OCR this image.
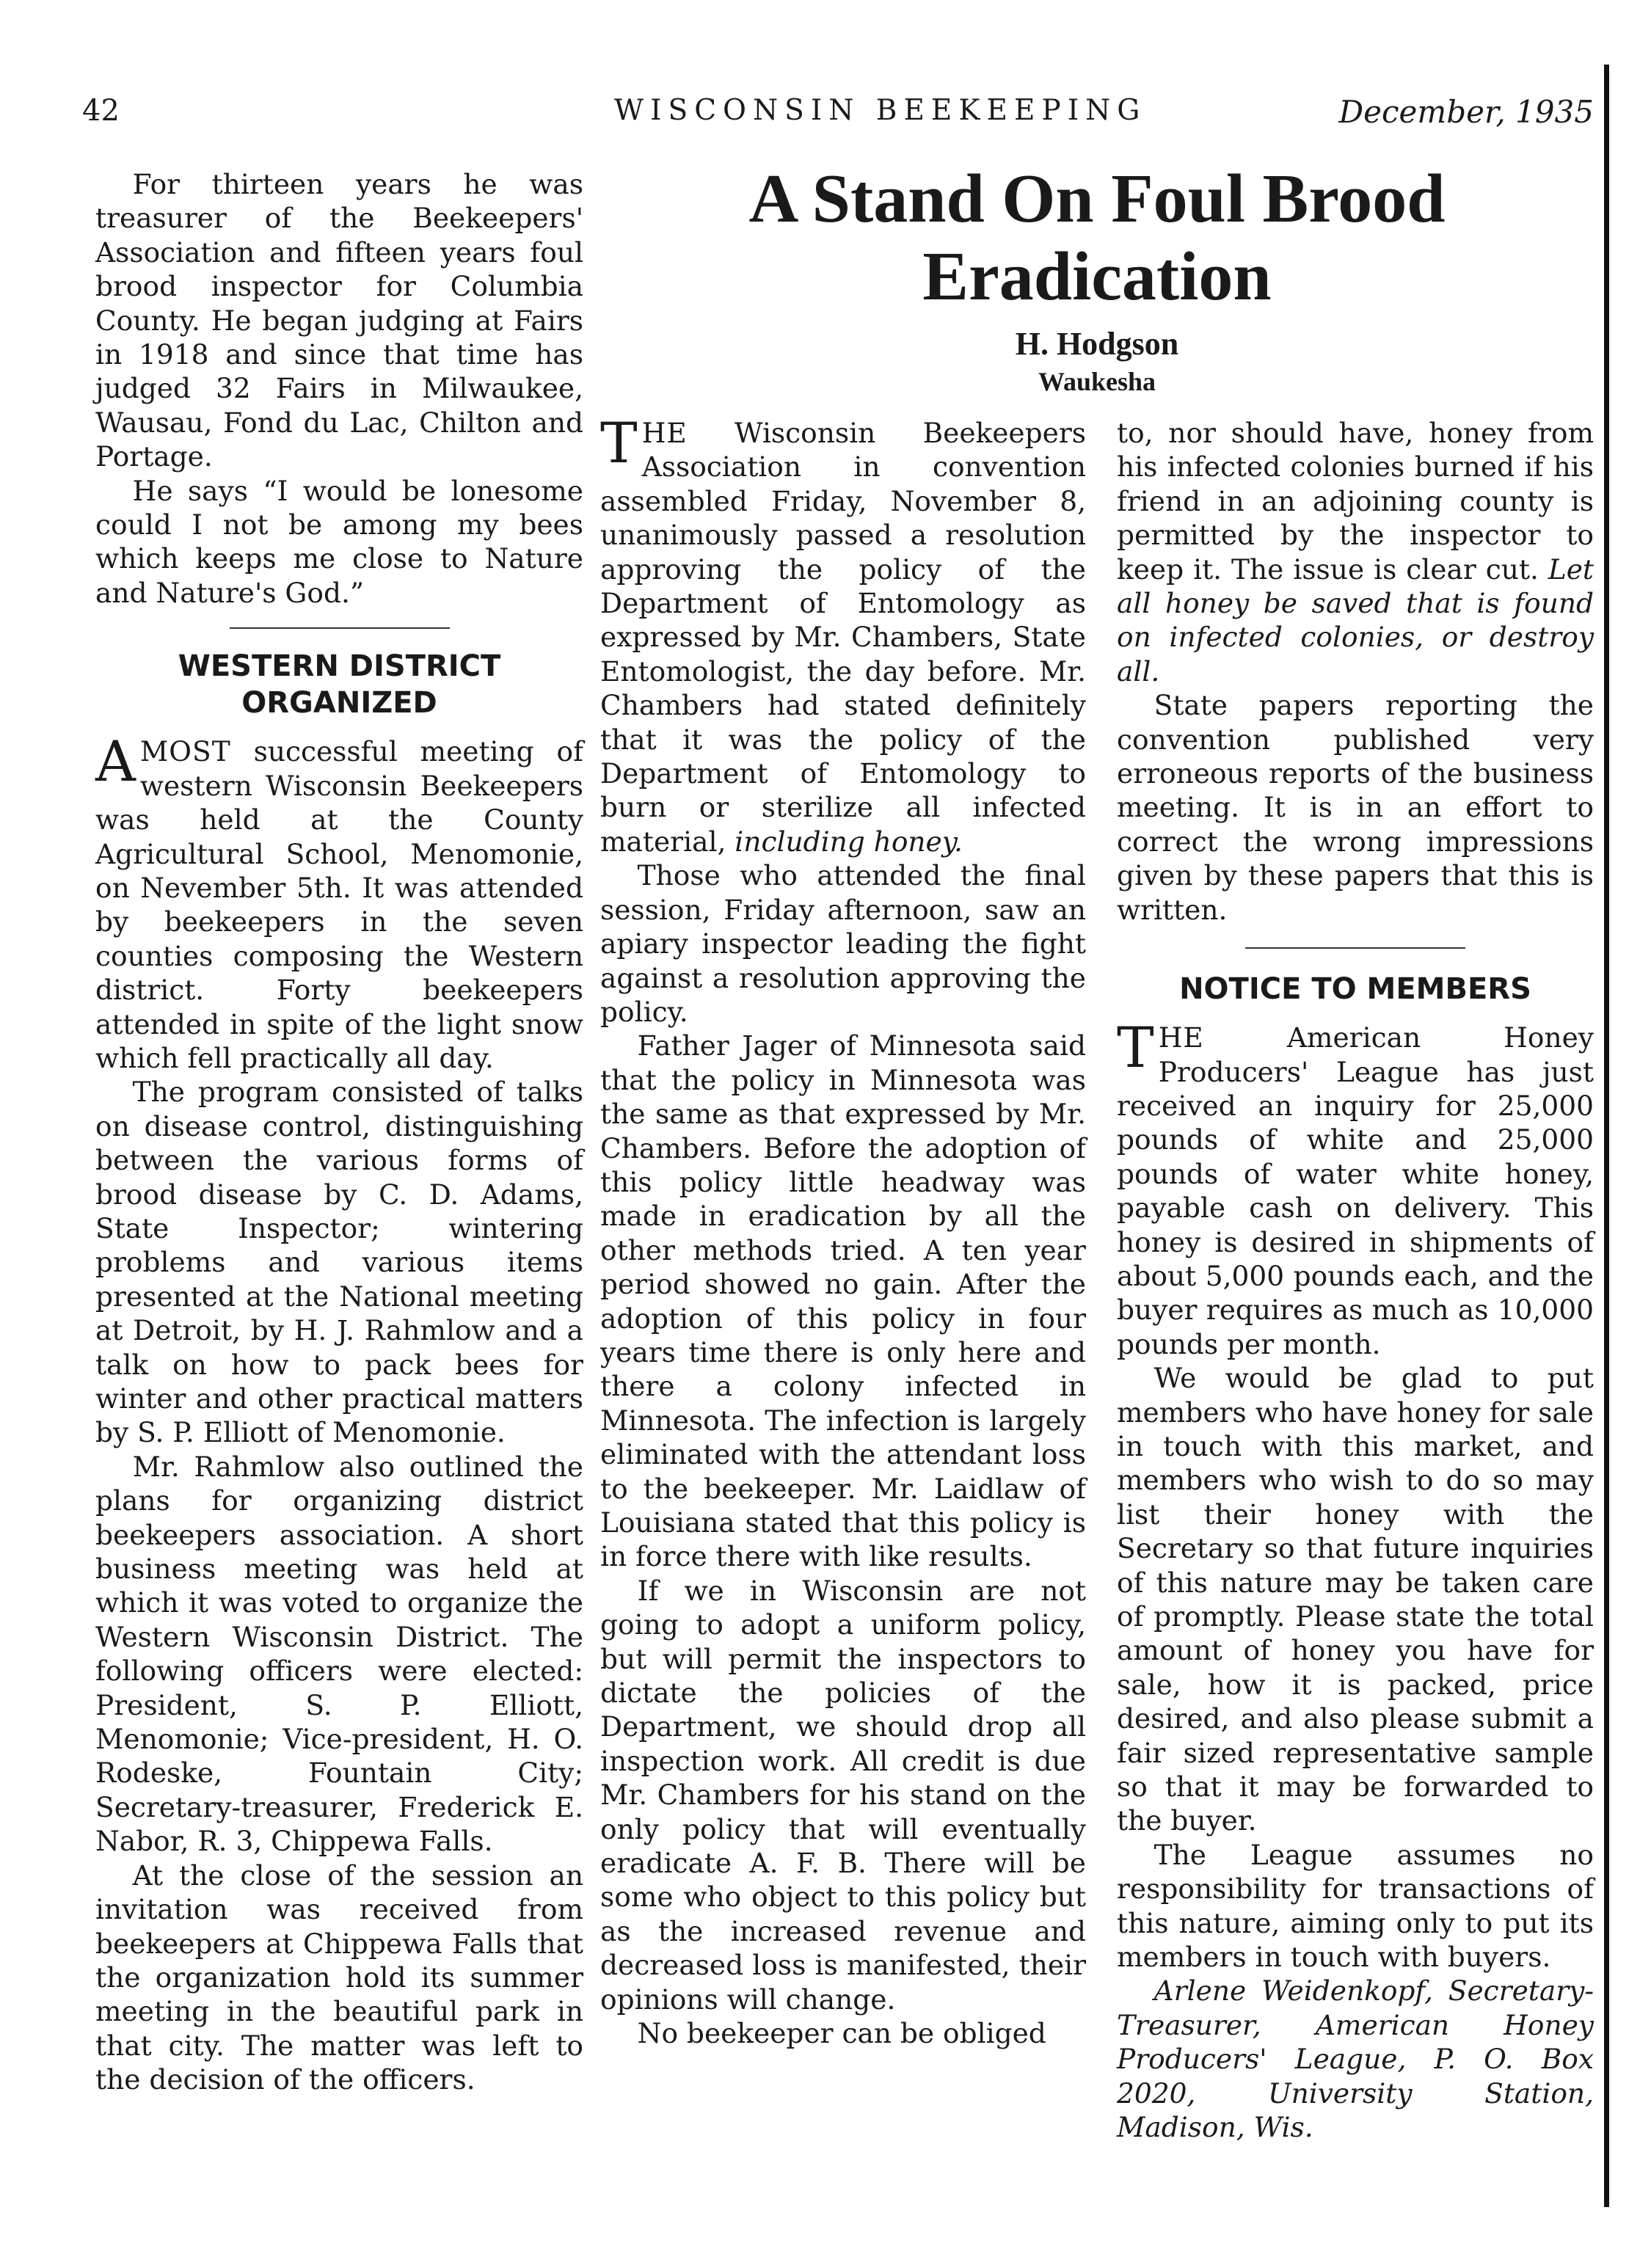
42	WISCONSIN BEEKEEPING	December, 1935

For thirteen years he was treasurer of the Beekeepers' Association and fifteen years foul brood inspector for Columbia County. He began judging at Fairs in 1918 and since that time has judged 32 Fairs in Milwaukee, Wausau, Fond du Lac, Chilton and Portage.

He says “I would be lonesome could I not be among my bees which keeps me close to Nature and Nature's God.”

WESTERN DISTRICT ORGANIZED

AMOST successful meeting of western Wisconsin Beekeepers was held at the County Agricultural School, Menomonie, on Nevember 5th. It was attended by beekeepers in the seven counties composing the Western district. Forty beekeepers attended in spite of the light snow which fell practically all day.

The program consisted of talks on disease control, distinguishing between the various forms of brood disease by C. D. Adams, State Inspector; wintering problems and various items presented at the National meeting at Detroit, by H. J. Rahmlow and a talk on how to pack bees for winter and other practical matters by S. P. Elliott of Menomonie.

Mr. Rahmlow also outlined the plans for organizing district beekeepers association. A short business meeting was held at which it was voted to organize the Western Wisconsin District. The following officers were elected: President, S. P. Elliott, Menomonie; Vice-president, H. O. Rodeske, Fountain City; Secretary-treasurer, Frederick E. Nabor, R. 3, Chippewa Falls.

At the close of the session an invitation was received from beekeepers at Chippewa Falls that the organization hold its summer meeting in the beautiful park in that city. The matter was left to the decision of the officers.

A Stand On Foul Brood Eradication
H. Hodgson
Waukesha

THE Wisconsin Beekeepers Association in convention assembled Friday, November 8, unanimously passed a resolution approving the policy of the Department of Entomology as expressed by Mr. Chambers, State Entomologist, the day before. Mr. Chambers had stated definitely that it was the policy of the Department of Entomology to burn or sterilize all infected material, including honey.

Those who attended the final session, Friday afternoon, saw an apiary inspector leading the fight against a resolution approving the policy.

Father Jager of Minnesota said that the policy in Minnesota was the same as that expressed by Mr. Chambers. Before the adoption of this policy little headway was made in eradication by all the other methods tried. A ten year period showed no gain. After the adoption of this policy in four years time there is only here and there a colony infected in Minnesota. The infection is largely eliminated with the attendant loss to the beekeeper. Mr. Laidlaw of Louisiana stated that this policy is in force there with like results.

If we in Wisconsin are not going to adopt a uniform policy, but will permit the inspectors to dictate the policies of the Department, we should drop all inspection work. All credit is due Mr. Chambers for his stand on the only policy that will eventually eradicate A. F. B. There will be some who object to this policy but as the increased revenue and decreased loss is manifested, their opinions will change.

No beekeeper can be obliged

to, nor should have, honey from his infected colonies burned if his friend in an adjoining county is permitted by the inspector to keep it. The issue is clear cut. Let all honey be saved that is found on infected colonies, or destroy all.

State papers reporting the convention published very erroneous reports of the business meeting. It is in an effort to correct the wrong impressions given by these papers that this is written.

NOTICE TO MEMBERS

THE American Honey Producers' League has just received an inquiry for 25,000 pounds of white and 25,000 pounds of water white honey, payable cash on delivery. This honey is desired in shipments of about 5,000 pounds each, and the buyer requires as much as 10,000 pounds per month.

We would be glad to put members who have honey for sale in touch with this market, and members who wish to do so may list their honey with the Secretary so that future inquiries of this nature may be taken care of promptly. Please state the total amount of honey you have for sale, how it is packed, price desired, and also please submit a fair sized representative sample so that it may be forwarded to the buyer.

The League assumes no responsibility for transactions of this nature, aiming only to put its members in touch with buyers.

Arlene Weidenkopf, Secretary-Treasurer, American Honey Producers' League, P. O. Box 2020, University Station, Madison, Wis.
